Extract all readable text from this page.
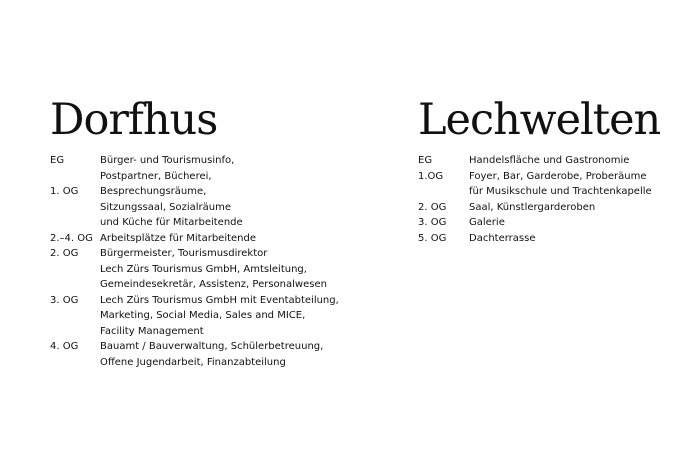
Dorfhus
EG	Bürger- und Tourismusinfo,
Postpartner, Bücherei,
1. OG	Besprechungsräume,
Sitzungssaal, Sozialräume
und Küche für Mitarbeitende
2.–4. OG Arbeitsplätze für Mitarbeitende
2. OG	Bürgermeister, Tourismusdirektor
Lech Zürs Tourismus GmbH, Amtsleitung,
Gemeindesekretär, Assistenz, Personalwesen
3. OG	Lech Zürs Tourismus GmbH mit Eventabteilung,
Marketing, Social Media, Sales and MICE,
Facility Management
4. OG	Bauamt / Bauverwaltung, Schülerbetreuung,
Offene Jugendarbeit, Finanzabteilung
Lechwelten
EG	Handelsfläche und Gastronomie
1.OG	Foyer, Bar, Garderobe, Proberäume
für Musikschule und Trachtenkapelle
2. OG	Saal, Künstlergarderoben
3. OG	Galerie
5. OG	Dachterrasse
